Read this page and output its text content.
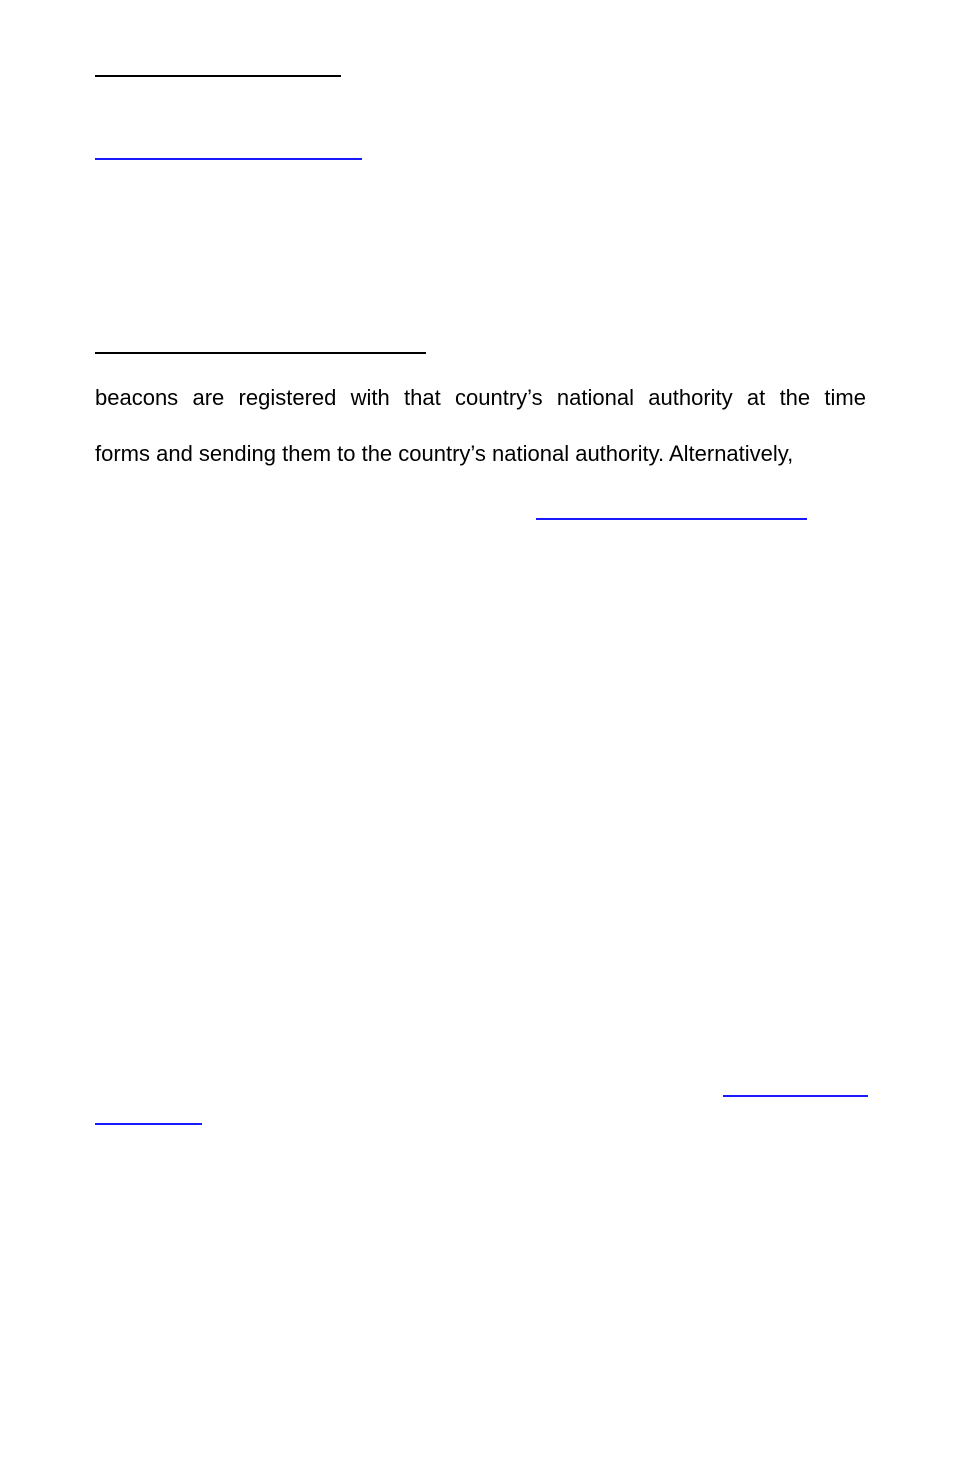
beacons are registered with that country’s national authority at the time
forms and sending them to the country’s national authority. Alternatively,
